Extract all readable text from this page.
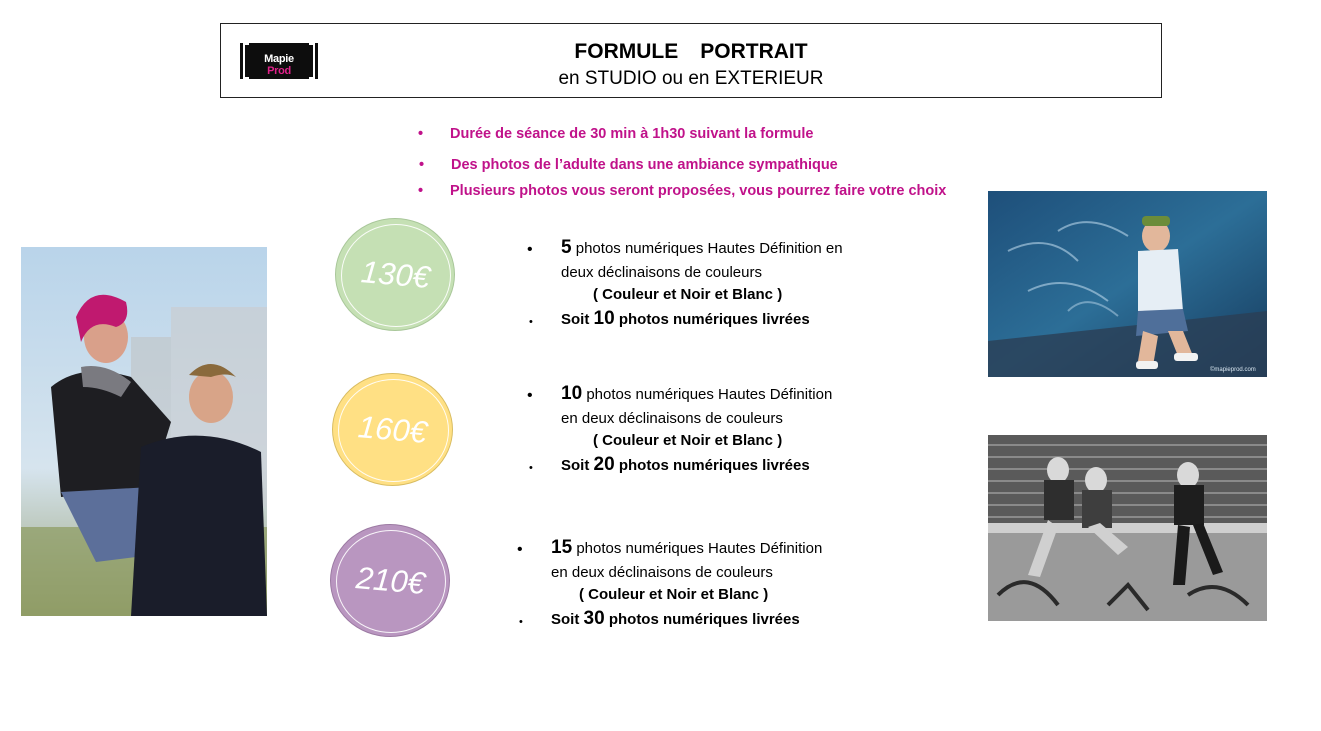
Mapie Prod
FORMULE PORTRAIT
en STUDIO ou en EXTERIEUR
• Durée de séance de 30 min à 1h30 suivant la formule
• Des photos de l’adulte dans une ambiance sympathique
• Plusieurs photos vous seront proposées, vous pourrez faire votre choix
©mapieprod.com
130€
• 5 photos numériques Hautes Définition en
deux déclinaisons de couleurs
( Couleur et Noir et Blanc )
• Soit 10 photos numériques livrées
160€
• 10 photos numériques Hautes Définition
en deux déclinaisons de couleurs
( Couleur et Noir et Blanc )
• Soit 20 photos numériques livrées
210€
• 15 photos numériques Hautes Définition
en deux déclinaisons de couleurs
( Couleur et Noir et Blanc )
• Soit 30 photos numériques livrées
